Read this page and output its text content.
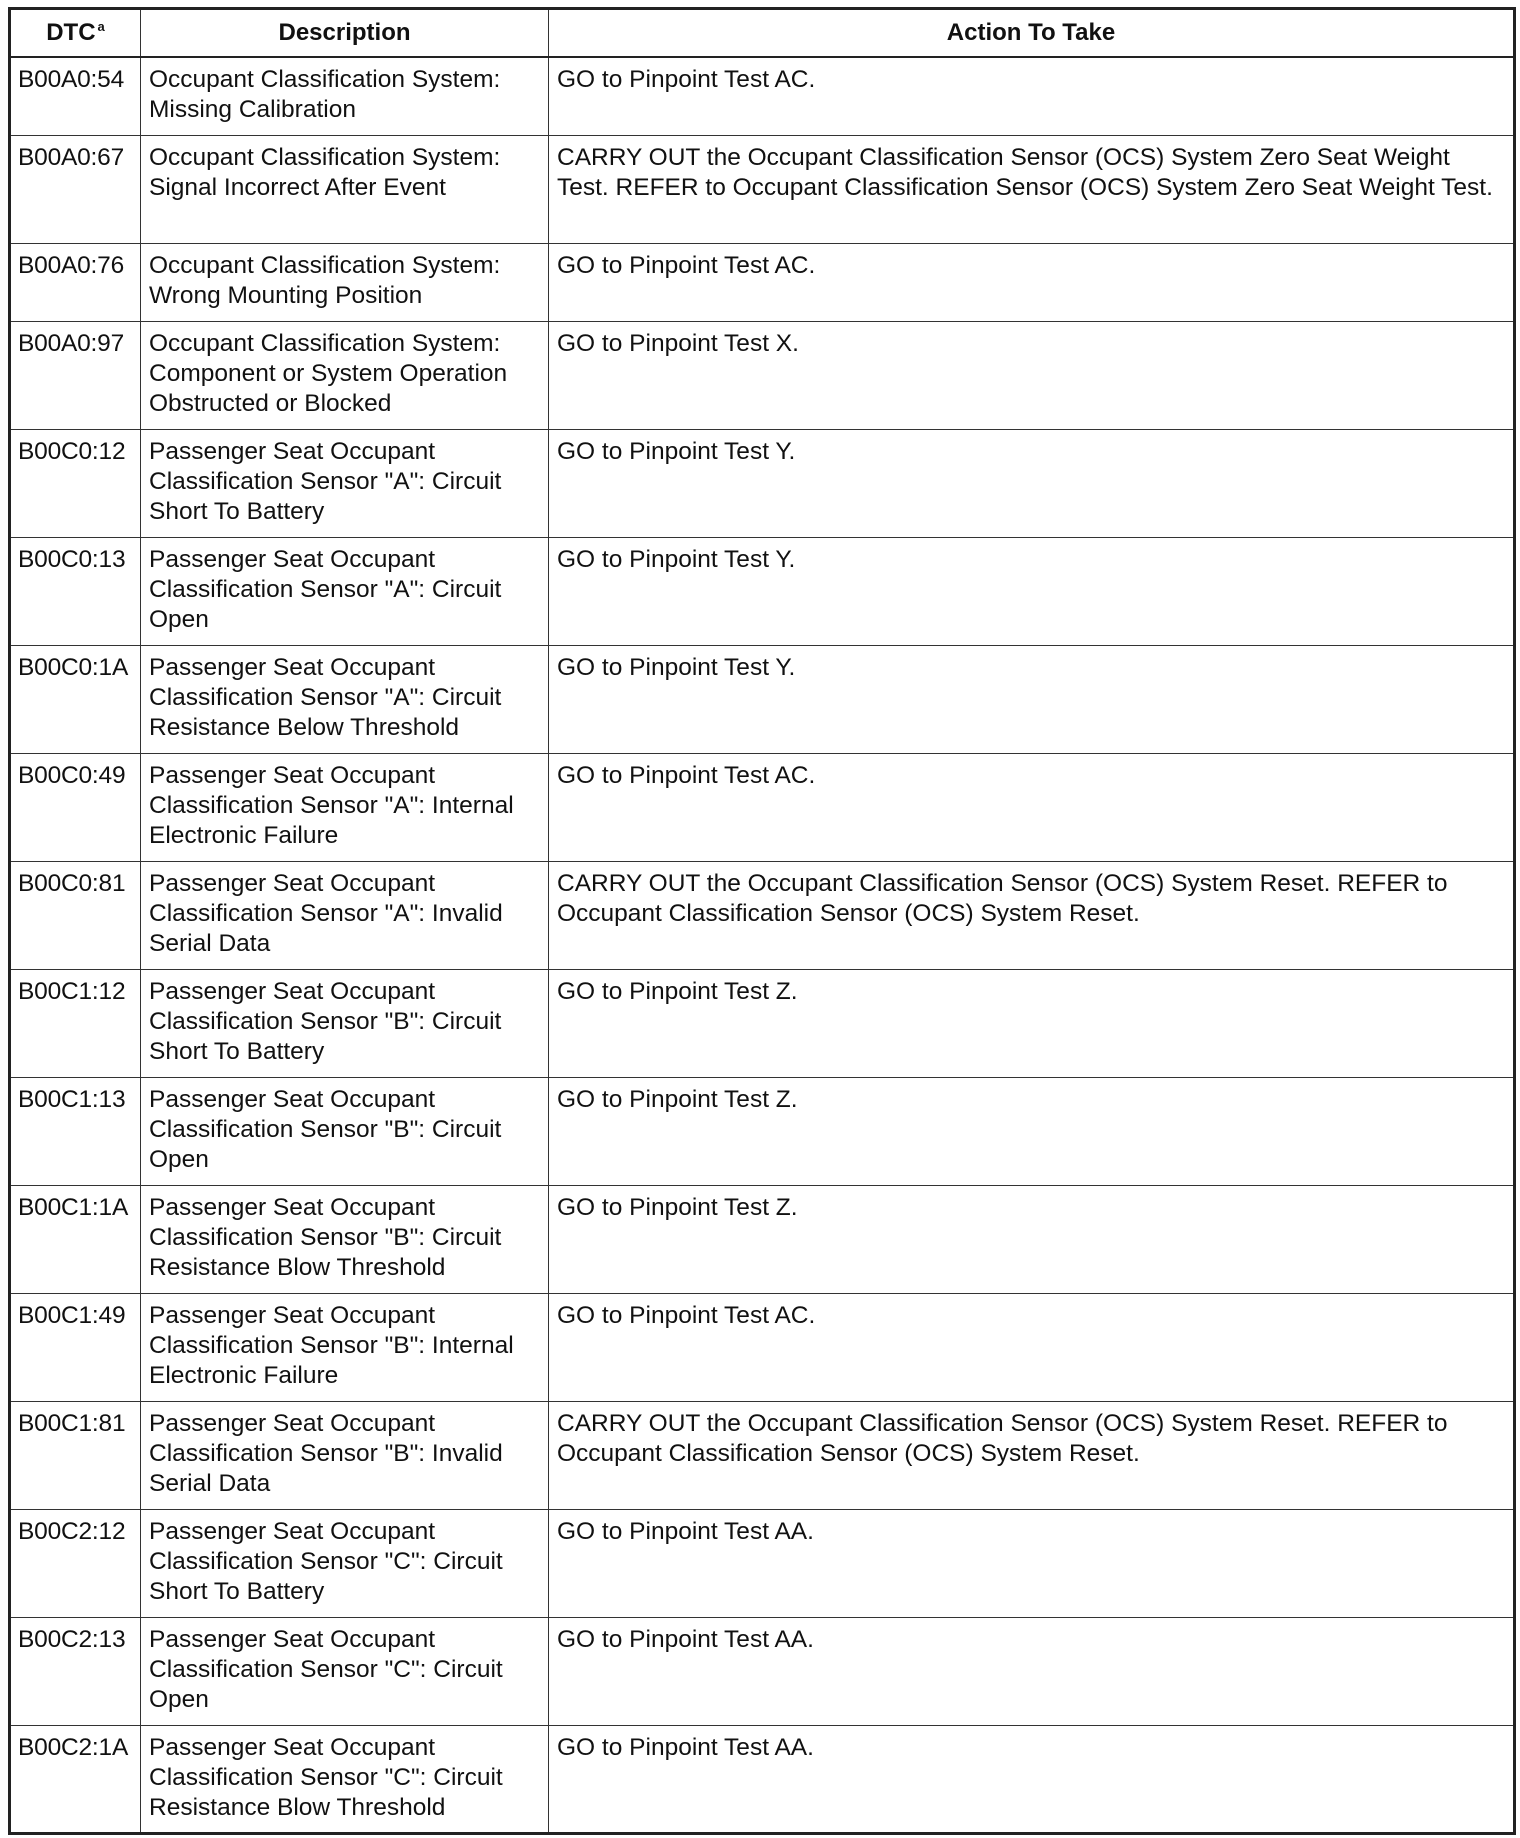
DTC $^a$	Description	Action To Take
B00A0:54	Occupant Classification System: Missing Calibration	GO to Pinpoint Test AC.
B00A0:67	Occupant Classification System: Signal Incorrect After Event	CARRY OUT the Occupant Classification Sensor (OCS) System Zero Seat Weight Test. REFER to Occupant Classification Sensor (OCS) System Zero Seat Weight Test.
B00A0:76	Occupant Classification System: Wrong Mounting Position	GO to Pinpoint Test AC.
B00A0:97	Occupant Classification System: Component or System Operation Obstructed or Blocked	GO to Pinpoint Test X.
B00C0:12	Passenger Seat Occupant Classification Sensor "A": Circuit Short To Battery	GO to Pinpoint Test Y.
B00C0:13	Passenger Seat Occupant Classification Sensor "A": Circuit Open	GO to Pinpoint Test Y.
B00C0:1A	Passenger Seat Occupant Classification Sensor "A": Circuit Resistance Below Threshold	GO to Pinpoint Test Y.
B00C0:49	Passenger Seat Occupant Classification Sensor "A": Internal Electronic Failure	GO to Pinpoint Test AC.
B00C0:81	Passenger Seat Occupant Classification Sensor "A": Invalid Serial Data	CARRY OUT the Occupant Classification Sensor (OCS) System Reset. REFER to Occupant Classification Sensor (OCS) System Reset.
B00C1:12	Passenger Seat Occupant Classification Sensor "B": Circuit Short To Battery	GO to Pinpoint Test Z.
B00C1:13	Passenger Seat Occupant Classification Sensor "B": Circuit Open	GO to Pinpoint Test Z.
B00C1:1A	Passenger Seat Occupant Classification Sensor "B": Circuit Resistance Blow Threshold	GO to Pinpoint Test Z.
B00C1:49	Passenger Seat Occupant Classification Sensor "B": Internal Electronic Failure	GO to Pinpoint Test AC.
B00C1:81	Passenger Seat Occupant Classification Sensor "B": Invalid Serial Data	CARRY OUT the Occupant Classification Sensor (OCS) System Reset. REFER to Occupant Classification Sensor (OCS) System Reset.
B00C2:12	Passenger Seat Occupant Classification Sensor "C": Circuit Short To Battery	GO to Pinpoint Test AA.
B00C2:13	Passenger Seat Occupant Classification Sensor "C": Circuit Open	GO to Pinpoint Test AA.
B00C2:1A	Passenger Seat Occupant Classification Sensor "C": Circuit Resistance Blow Threshold	GO to Pinpoint Test AA.
